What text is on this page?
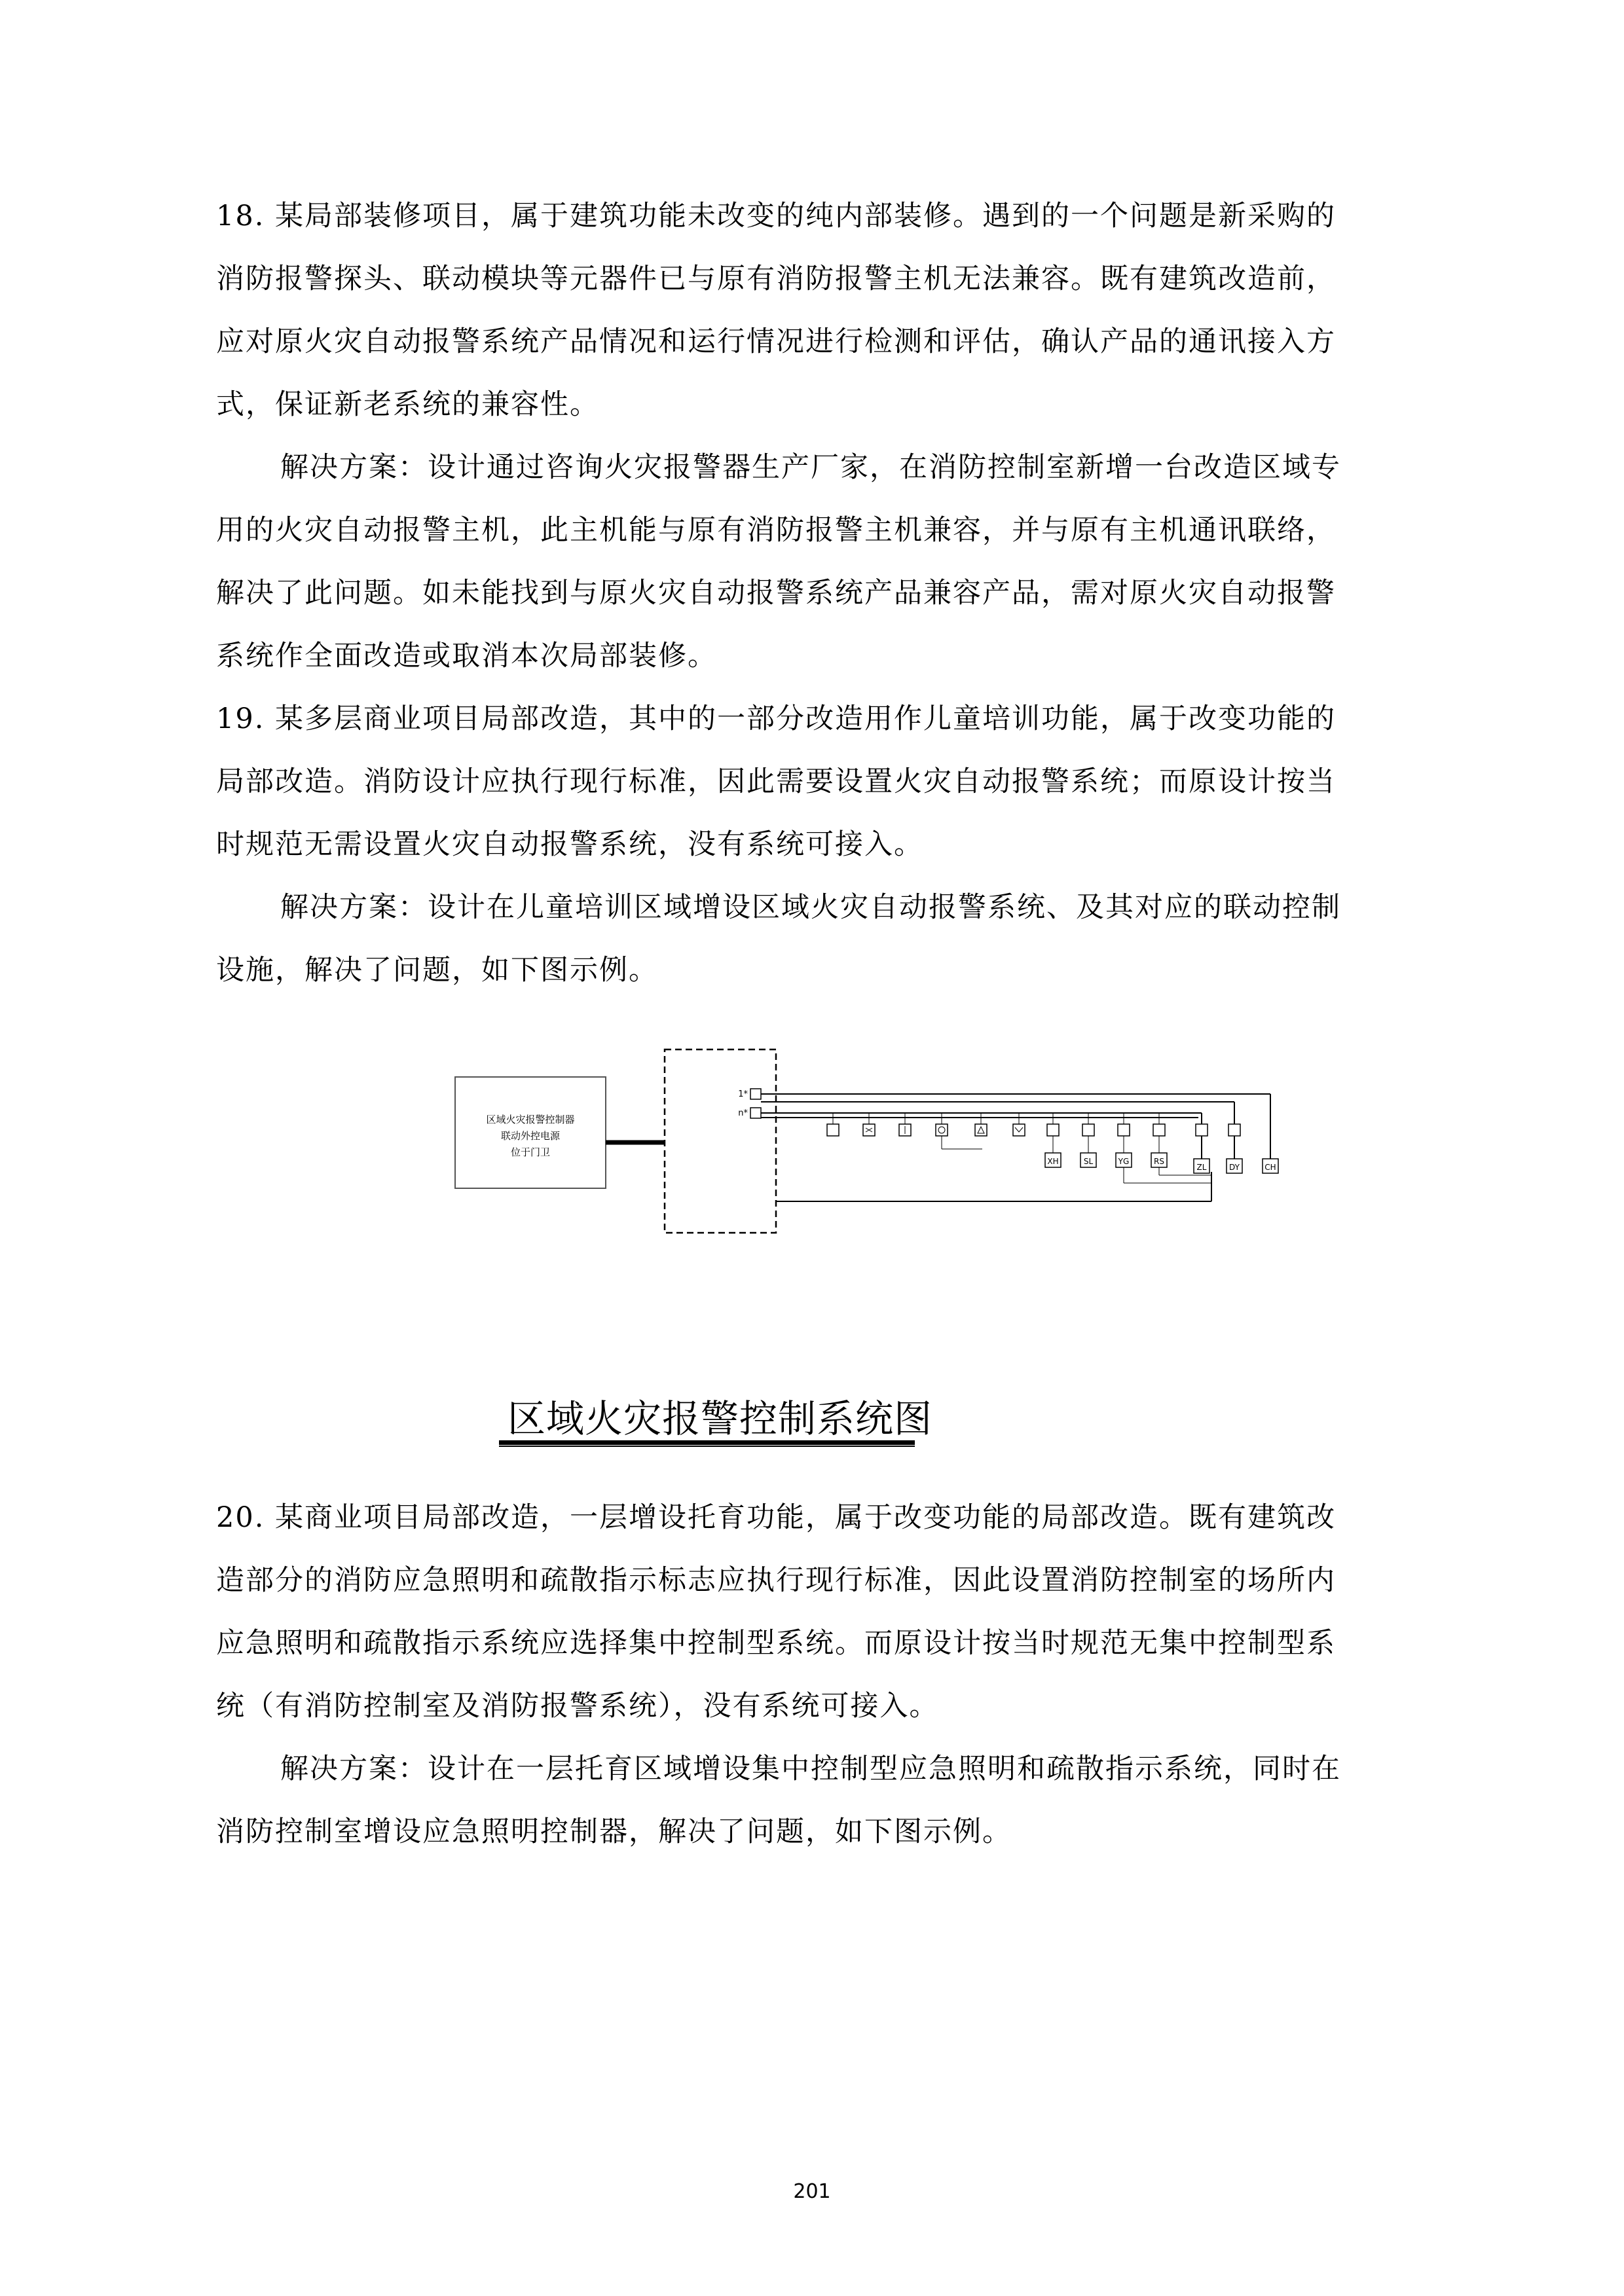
18. 某局部装修项目，属于建筑功能未改变的纯内部装修。遇到的一个问题是新采购的
消防报警探头、联动模块等元器件已与原有消防报警主机无法兼容。既有建筑改造前，
应对原火灾自动报警系统产品情况和运行情况进行检测和评估，确认产品的通讯接入方
式，保证新老系统的兼容性。
解决方案：设计通过咨询火灾报警器生产厂家，在消防控制室新增一台改造区域专
用的火灾自动报警主机，此主机能与原有消防报警主机兼容，并与原有主机通讯联络，
解决了此问题。如未能找到与原火灾自动报警系统产品兼容产品，需对原火灾自动报警
系统作全面改造或取消本次局部装修。
19. 某多层商业项目局部改造，其中的一部分改造用作儿童培训功能，属于改变功能的
局部改造。消防设计应执行现行标准，因此需要设置火灾自动报警系统；而原设计按当
时规范无需设置火灾自动报警系统，没有系统可接入。
解决方案：设计在儿童培训区域增设区域火灾自动报警系统、及其对应的联动控制
设施，解决了问题，如下图示例。
区域火灾报警控制器
联动外控电源
位于门卫
1*
n*
XH	SL	YG	RS
ZL	DY	CH
区域火灾报警控制系统图
20. 某商业项目局部改造，一层增设托育功能，属于改变功能的局部改造。既有建筑改
造部分的消防应急照明和疏散指示标志应执行现行标准，因此设置消防控制室的场所内
应急照明和疏散指示系统应选择集中控制型系统。而原设计按当时规范无集中控制型系
统（有消防控制室及消防报警系统），没有系统可接入。
解决方案：设计在一层托育区域增设集中控制型应急照明和疏散指示系统，同时在
消防控制室增设应急照明控制器，解决了问题，如下图示例。
201
